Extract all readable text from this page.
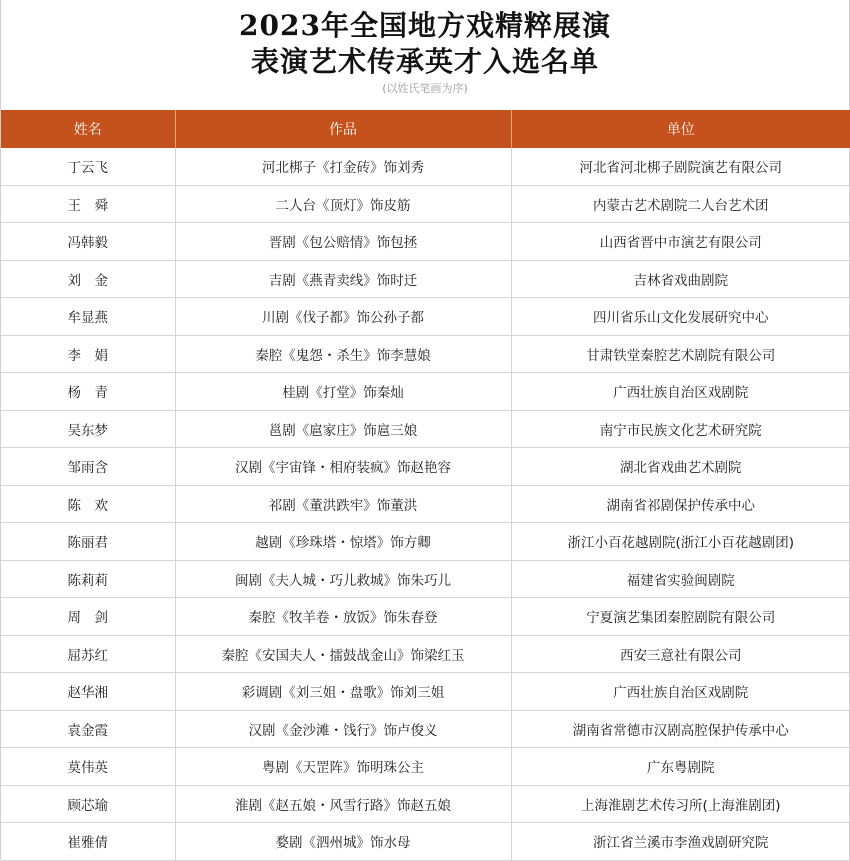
2023年全国地方戏精粹展演
表演艺术传承英才入选名单
(以姓氏笔画为序)
姓名	作品	单位
丁云飞	河北梆子《打金砖》饰刘秀	河北省河北梆子剧院演艺有限公司
王　舜	二人台《顶灯》饰皮筋	内蒙古艺术剧院二人台艺术团
冯韩毅	晋剧《包公赔情》饰包拯	山西省晋中市演艺有限公司
刘　金	吉剧《燕青卖线》饰时迁	吉林省戏曲剧院
牟显燕	川剧《伐子都》饰公孙子都	四川省乐山文化发展研究中心
李　娟	秦腔《鬼怨・杀生》饰李慧娘	甘肃铁堂秦腔艺术剧院有限公司
杨　青	桂剧《打堂》饰秦灿	广西壮族自治区戏剧院
吴东梦	邕剧《扈家庄》饰扈三娘	南宁市民族文化艺术研究院
邹雨含	汉剧《宇宙锋・相府装疯》饰赵艳容	湖北省戏曲艺术剧院
陈　欢	祁剧《董洪跌牢》饰董洪	湖南省祁剧保护传承中心
陈丽君	越剧《珍珠塔・惊塔》饰方卿	浙江小百花越剧院(浙江小百花越剧团)
陈莉莉	闽剧《夫人城・巧儿救城》饰朱巧儿	福建省实验闽剧院
周　剑	秦腔《牧羊卷・放饭》饰朱春登	宁夏演艺集团秦腔剧院有限公司
屈苏红	秦腔《安国夫人・擂鼓战金山》饰梁红玉	西安三意社有限公司
赵华湘	彩调剧《刘三姐・盘歌》饰刘三姐	广西壮族自治区戏剧院
袁金霞	汉剧《金沙滩・饯行》饰卢俊义	湖南省常德市汉剧高腔保护传承中心
莫伟英	粤剧《天罡阵》饰明珠公主	广东粤剧院
顾芯瑜	淮剧《赵五娘・风雪行路》饰赵五娘	上海淮剧艺术传习所(上海淮剧团)
崔雅倩	婺剧《泗州城》饰水母	浙江省兰溪市李渔戏剧研究院
